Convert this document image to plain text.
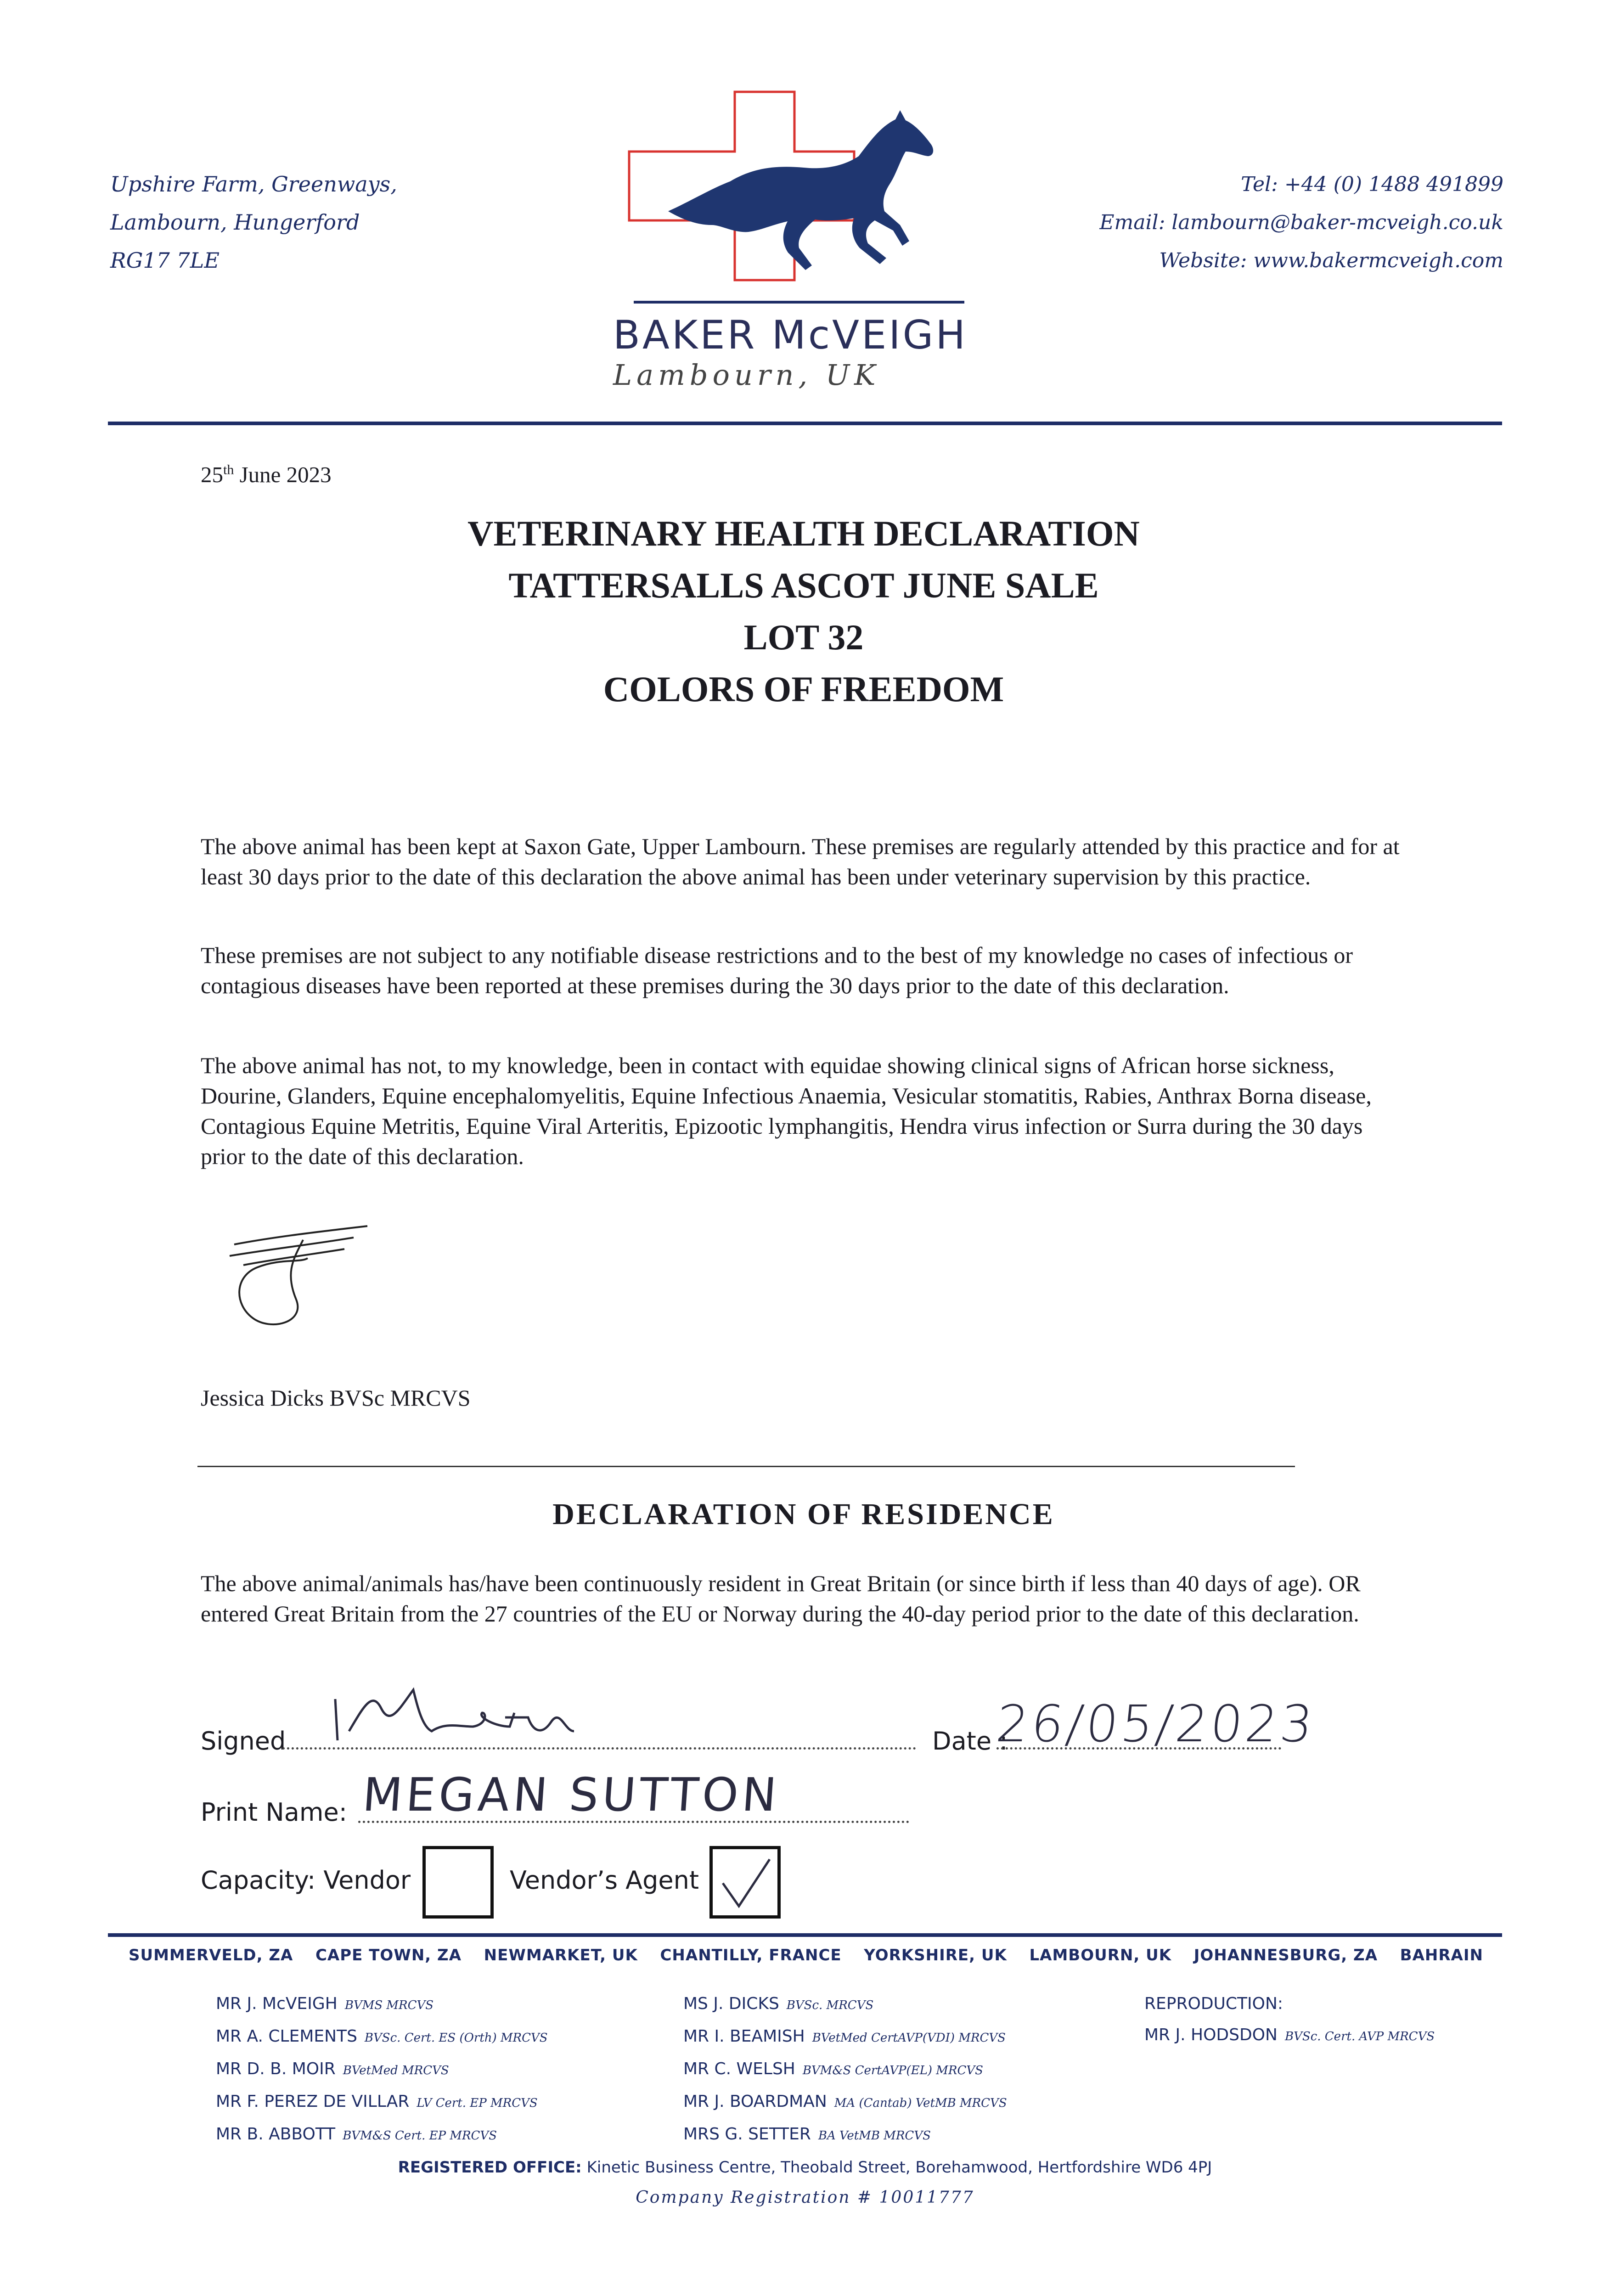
Upshire Farm, Greenways,
Lambourn, Hungerford
RG17 7LE
Tel: +44 (0) 1488 491899
Email: lambourn@baker-mcveigh.co.uk
Website: www.bakermcveigh.com
BAKER McVEIGH
Lambourn, UK
25th June 2023
VETERINARY HEALTH DECLARATION
TATTERSALLS ASCOT JUNE SALE
LOT 32
COLORS OF FREEDOM
The above animal has been kept at Saxon Gate, Upper Lambourn. These premises are regularly attended by this practice and for at least 30 days prior to the date of this declaration the above animal has been under veterinary supervision by this practice.
These premises are not subject to any notifiable disease restrictions and to the best of my knowledge no cases of infectious or contagious diseases have been reported at these premises during the 30 days prior to the date of this declaration.
The above animal has not, to my knowledge, been in contact with equidae showing clinical signs of African horse sickness, Dourine, Glanders, Equine encephalomyelitis, Equine Infectious Anaemia, Vesicular stomatitis, Rabies, Anthrax Borna disease, Contagious Equine Metritis, Equine Viral Arteritis, Epizootic lymphangitis, Hendra virus infection or Surra during the 30 days prior to the date of this declaration.
Jessica Dicks BVSc MRCVS
DECLARATION OF RESIDENCE
The above animal/animals has/have been continuously resident in Great Britain (or since birth if less than 40 days of age). OR entered Great Britain from the 27 countries of the EU or Norway during the 40-day period prior to the date of this declaration.
Signed	Date :
26/05/2023
Print Name: MEGAN SUTTON
Capacity: Vendor	Vendor’s Agent
SUMMERVELD, ZA CAPE TOWN, ZA NEWMARKET, UK CHANTILLY, FRANCE YORKSHIRE, UK LAMBOURN, UK JOHANNESBURG, ZA BAHRAIN
MR J. McVEIGH BVMS MRCVS
MR A. CLEMENTS BVSc. Cert. ES (Orth) MRCVS
MR D. B. MOIR BVetMed MRCVS
MR F. PEREZ DE VILLAR LV Cert. EP MRCVS
MR B. ABBOTT BVM&S Cert. EP MRCVS
MS J. DICKS BVSc. MRCVS
MR I. BEAMISH BVetMed CertAVP(VDI) MRCVS
MR C. WELSH BVM&S CertAVP(EL) MRCVS
MR J. BOARDMAN MA (Cantab) VetMB MRCVS
MRS G. SETTER BA VetMB MRCVS
REPRODUCTION:
MR J. HODSDON BVSc. Cert. AVP MRCVS
REGISTERED OFFICE: Kinetic Business Centre, Theobald Street, Borehamwood, Hertfordshire WD6 4PJ
Company Registration # 10011777
